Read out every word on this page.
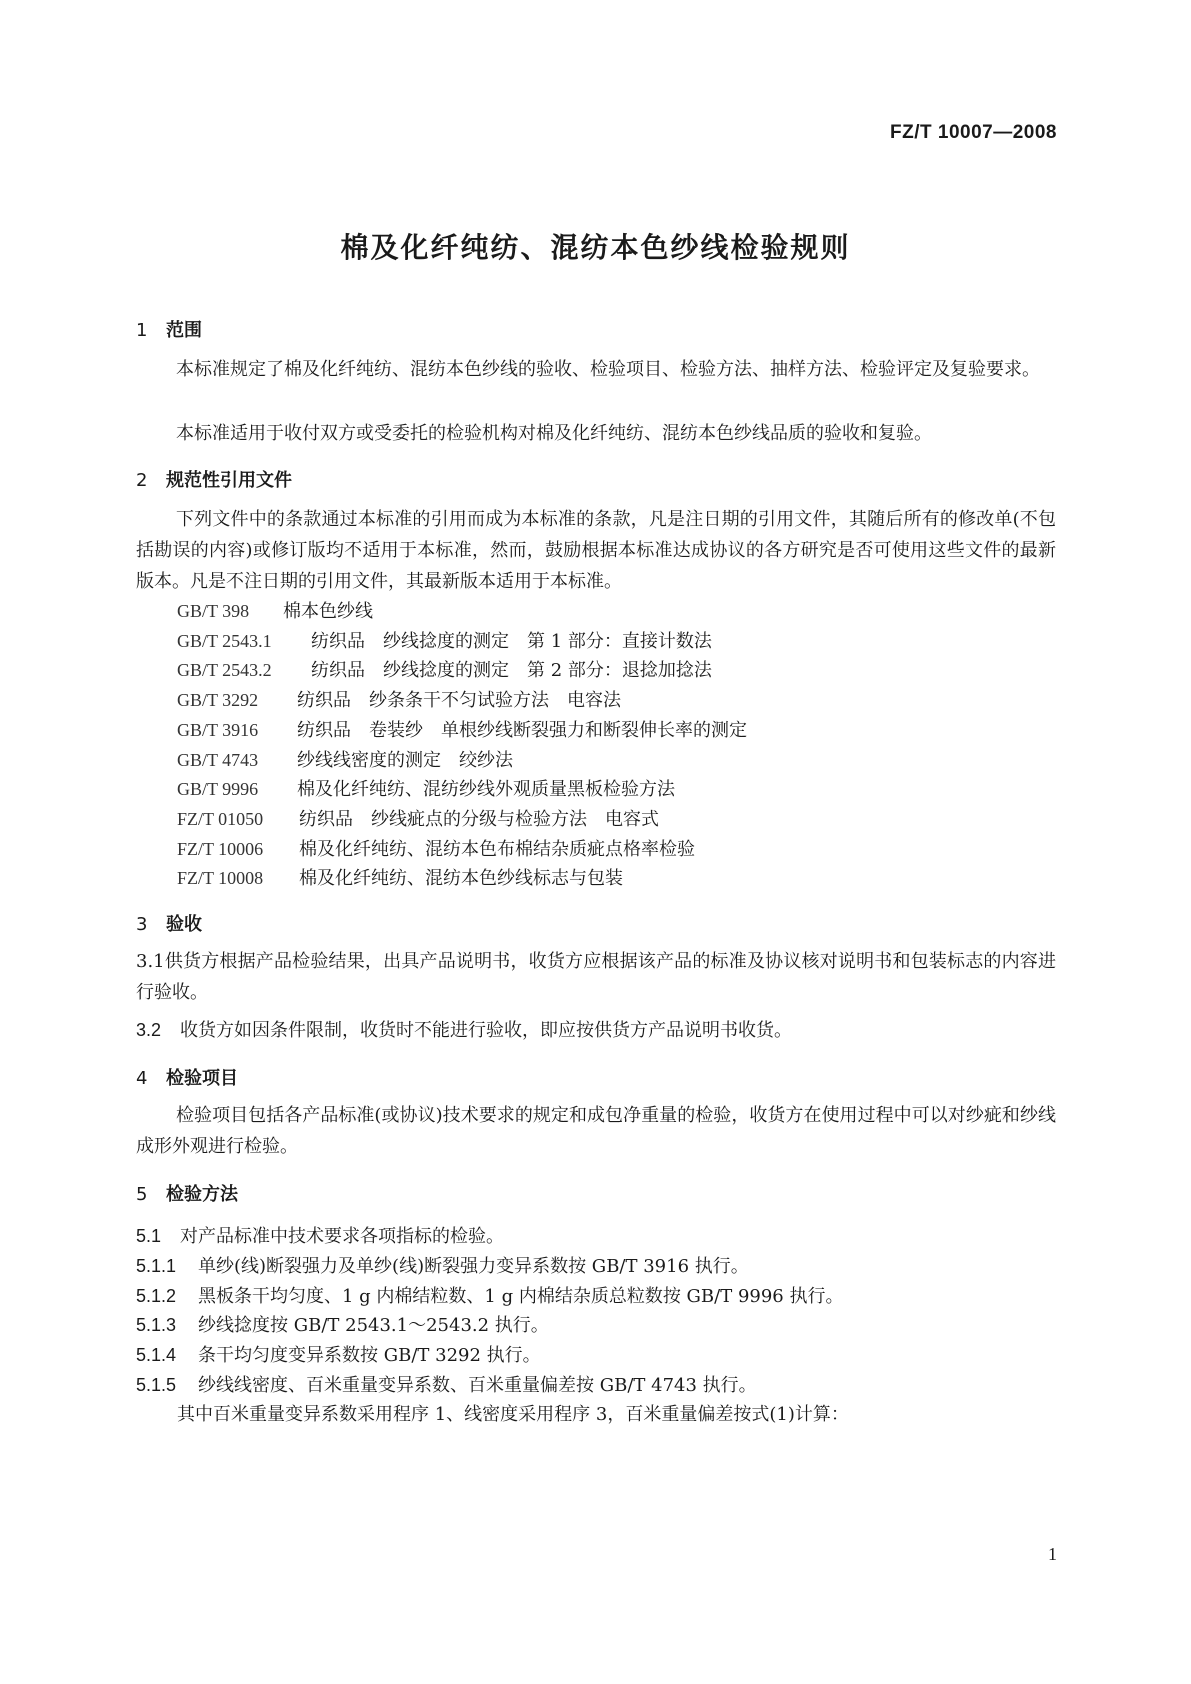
FZ/T 10007—2008
棉及化纤纯纺、混纺本色纱线检验规则
1 范围
本标准规定了棉及化纤纯纺、混纺本色纱线的验收、检验项目、检验方法、抽样方法、检验评定及复验要求。
本标准适用于收付双方或受委托的检验机构对棉及化纤纯纺、混纺本色纱线品质的验收和复验。
2 规范性引用文件
下列文件中的条款通过本标准的引用而成为本标准的条款，凡是注日期的引用文件，其随后所有的修改单(不包括勘误的内容)或修订版均不适用于本标准，然而，鼓励根据本标准达成协议的各方研究是否可使用这些文件的最新版本。凡是不注日期的引用文件，其最新版本适用于本标准。
GB/T 398 棉本色纱线
GB/T 2543.1 纺织品　纱线捻度的测定　第 1 部分：直接计数法
GB/T 2543.2 纺织品　纱线捻度的测定　第 2 部分：退捻加捻法
GB/T 3292 纺织品　纱条条干不匀试验方法　电容法
GB/T 3916 纺织品　卷装纱　单根纱线断裂强力和断裂伸长率的测定
GB/T 4743 纱线线密度的测定　绞纱法
GB/T 9996 棉及化纤纯纺、混纺纱线外观质量黑板检验方法
FZ/T 01050 纺织品　纱线疵点的分级与检验方法　电容式
FZ/T 10006 棉及化纤纯纺、混纺本色布棉结杂质疵点格率检验
FZ/T 10008 棉及化纤纯纺、混纺本色纱线标志与包装
3 验收
3.1供货方根据产品检验结果，出具产品说明书，收货方应根据该产品的标准及协议核对说明书和包装标志的内容进行验收。
3.2 收货方如因条件限制，收货时不能进行验收，即应按供货方产品说明书收货。
4 检验项目
检验项目包括各产品标准(或协议)技术要求的规定和成包净重量的检验，收货方在使用过程中可以对纱疵和纱线成形外观进行检验。
5 检验方法
5.1 对产品标准中技术要求各项指标的检验。
5.1.1 单纱(线)断裂强力及单纱(线)断裂强力变异系数按 GB/T 3916 执行。
5.1.2 黑板条干均匀度、1 g 内棉结粒数、1 g 内棉结杂质总粒数按 GB/T 9996 执行。
5.1.3 纱线捻度按 GB/T 2543.1～2543.2 执行。
5.1.4 条干均匀度变异系数按 GB/T 3292 执行。
5.1.5 纱线线密度、百米重量变异系数、百米重量偏差按 GB/T 4743 执行。
其中百米重量变异系数采用程序 1、线密度采用程序 3，百米重量偏差按式(1)计算：
1
